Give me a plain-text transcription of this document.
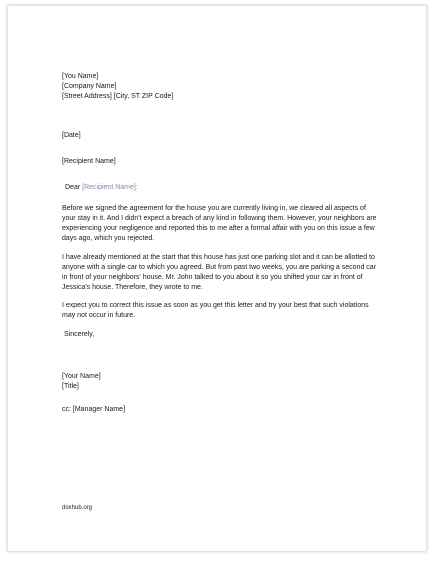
[You Name]
[Company Name]
[Street Address] [City, ST ZIP Code]
[Date]
[Recipient Name]
Dear [Recipient Name]:
Before we signed the agreement for the house you are currently living in, we cleared all aspects of your stay in it. And I didn't expect a breach of any kind in following them. However, your neighbors are experiencing your negligence and reported this to me after a formal affair with you on this issue a few days ago, which you rejected.
I have already mentioned at the start that this house has just one parking slot and it can be allotted to anyone with a single car to which you agreed. But from past two weeks, you are parking a second car in front of your neighbors' house. Mr. John talked to you about it so you shifted your car in front of Jessica's house. Therefore, they wrote to me.
I expect you to correct this issue as soon as you get this letter and try your best that such violations may not occur in future.
Sincerely,
[Your Name]
[Title]
cc: [Manager Name]
doxhub.org
